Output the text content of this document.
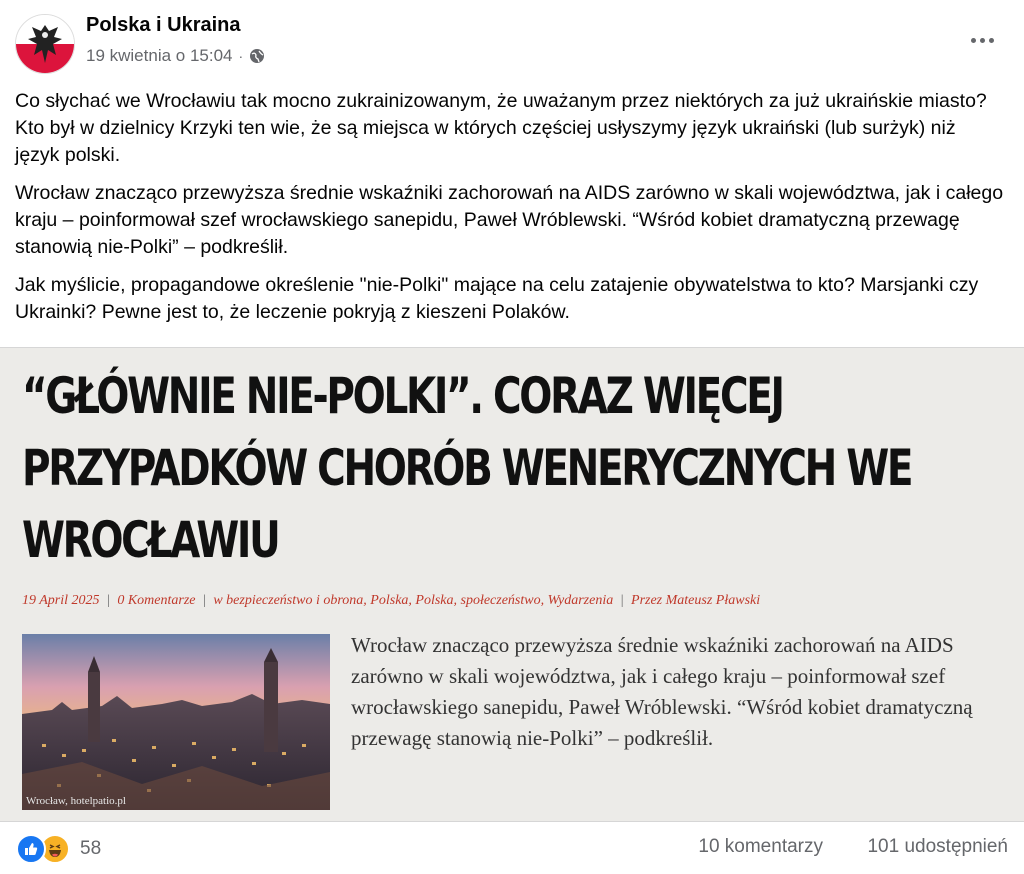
Polska i Ukraina
19 kwietnia o 15:04 ·

Co słychać we Wrocławiu tak mocno zukrainizowanym, że uważanym przez niektórych za już ukraińskie miasto? Kto był w dzielnicy Krzyki ten wie, że są miejsca w których częściej usłyszymy język ukraiński (lub surżyk) niż język polski.

Wrocław znacząco przewyższa średnie wskaźniki zachorowań na AIDS zarówno w skali województwa, jak i całego kraju – poinformował szef wrocławskiego sanepidu, Paweł Wróblewski. “Wśród kobiet dramatyczną przewagę stanowią nie-Polki” – podkreślił.

Jak myślicie, propagandowe określenie "nie-Polki" mające na celu zatajenie obywatelstwa to kto? Marsjanki czy Ukrainki? Pewne jest to, że leczenie pokryją z kieszeni Polaków.

“GŁÓWNIE NIE-POLKI”. CORAZ WIĘCEJ PRZYPADKÓW CHORÓB WENERYCZNYCH WE WROCŁAWIU
19 April 2025 | 0 Komentarze | w bezpieczeństwo i obrona, Polska, Polska, społeczeństwo, Wydarzenia | Przez Mateusz Pławski
Wrocław, hotelpatio.pl
Wrocław znacząco przewyższa średnie wskaźniki zachorowań na AIDS zarówno w skali województwa, jak i całego kraju – poinformował szef wrocławskiego sanepidu, Paweł Wróblewski. “Wśród kobiet dramatyczną przewagę stanowią nie-Polki” – podkreślił.
58	10 komentarzy 101 udostępnień
